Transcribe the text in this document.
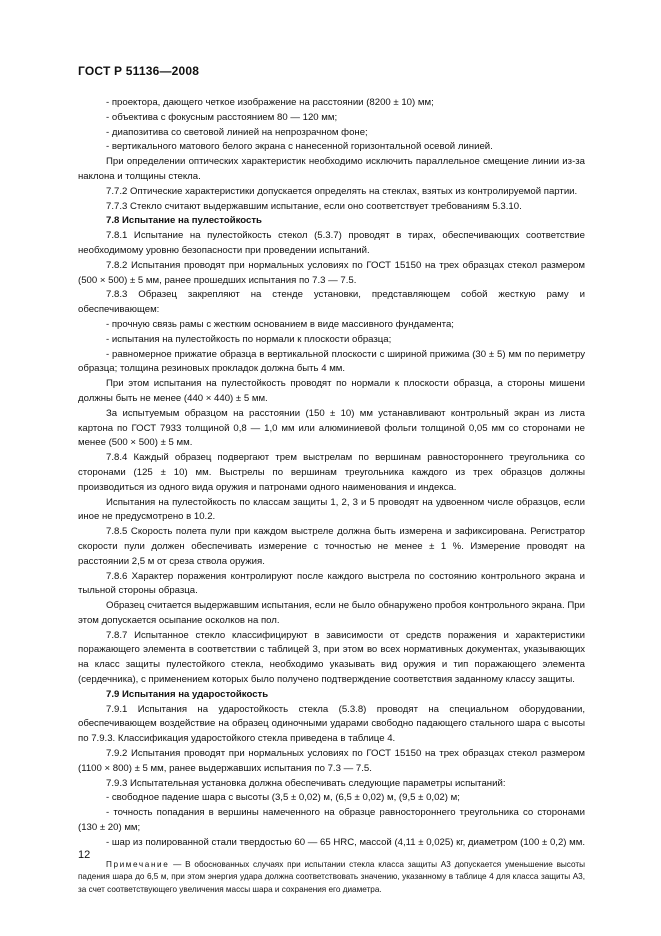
ГОСТ Р 51136—2008

- проектора, дающего четкое изображение на расстоянии (8200 ± 10) мм;

- объектива с фокусным расстоянием 80 — 120 мм;

- диапозитива со световой линией на непрозрачном фоне;

- вертикального матового белого экрана с нанесенной горизонтальной осевой линией.

При определении оптических характеристик необходимо исключить параллельное смещение линии из-за наклона и толщины стекла.

7.7.2 Оптические характеристики допускается определять на стеклах, взятых из контролируемой партии.

7.7.3 Стекло считают выдержавшим испытание, если оно соответствует требованиям 5.3.10.

7.8 Испытание на пулестойкость

7.8.1 Испытание на пулестойкость стекол (5.3.7) проводят в тирах, обеспечивающих соответствие необходимому уровню безопасности при проведении испытаний.

7.8.2 Испытания проводят при нормальных условиях по ГОСТ 15150 на трех образцах стекол размером (500 × 500) ± 5 мм, ранее прошедших испытания по 7.3 — 7.5.

7.8.3 Образец закрепляют на стенде установки, представляющем собой жесткую раму и обеспечивающем:

- прочную связь рамы с жестким основанием в виде массивного фундамента;

- испытания на пулестойкость по нормали к плоскости образца;

- равномерное прижатие образца в вертикальной плоскости с шириной прижима (30 ± 5) мм по периметру образца; толщина резиновых прокладок должна быть 4 мм.

При этом испытания на пулестойкость проводят по нормали к плоскости образца, а стороны мишени должны быть не менее (440 × 440) ± 5 мм.

За испытуемым образцом на расстоянии (150 ± 10) мм устанавливают контрольный экран из листа картона по ГОСТ 7933 толщиной 0,8 — 1,0 мм или алюминиевой фольги толщиной 0,05 мм со сторонами не менее (500 × 500) ± 5 мм.

7.8.4 Каждый образец подвергают трем выстрелам по вершинам равностороннего треугольника со сторонами (125 ± 10) мм. Выстрелы по вершинам треугольника каждого из трех образцов должны производиться из одного вида оружия и патронами одного наименования и индекса.

Испытания на пулестойкость по классам защиты 1, 2, 3 и 5 проводят на удвоенном числе образцов, если иное не предусмотрено в 10.2.

7.8.5 Скорость полета пули при каждом выстреле должна быть измерена и зафиксирована. Регистратор скорости пули должен обеспечивать измерение с точностью не менее ± 1 %. Измерение проводят на расстоянии 2,5 м от среза ствола оружия.

7.8.6 Характер поражения контролируют после каждого выстрела по состоянию контрольного экрана и тыльной стороны образца.

Образец считается выдержавшим испытания, если не было обнаружено пробоя контрольного экрана. При этом допускается осыпание осколков на пол.

7.8.7 Испытанное стекло классифицируют в зависимости от средств поражения и характеристики поражающего элемента в соответствии с таблицей 3, при этом во всех нормативных документах, указывающих на класс защиты пулестойкого стекла, необходимо указывать вид оружия и тип поражающего элемента (сердечника), с применением которых было получено подтверждение соответствия заданному классу защиты.

7.9 Испытания на ударостойкость

7.9.1 Испытания на ударостойкость стекла (5.3.8) проводят на специальном оборудовании, обеспечивающем воздействие на образец одиночными ударами свободно падающего стального шара с высоты по 7.9.3. Классификация ударостойкого стекла приведена в таблице 4.

7.9.2 Испытания проводят при нормальных условиях по ГОСТ 15150 на трех образцах стекол размером (1100 × 800) ± 5 мм, ранее выдержавших испытания по 7.3 — 7.5.

7.9.3 Испытательная установка должна обеспечивать следующие параметры испытаний:

- свободное падение шара с высоты (3,5 ± 0,02) м, (6,5 ± 0,02) м, (9,5 ± 0,02) м;

- точность попадания в вершины намеченного на образце равностороннего треугольника со сторонами (130 ± 20) мм;

- шар из полированной стали твердостью 60 — 65 HRC, массой (4,11 ± 0,025) кг, диаметром (100 ± 0,2) мм.

Примечание — В обоснованных случаях при испытании стекла класса защиты А3 допускается уменьшение высоты падения шара до 6,5 м, при этом энергия удара должна соответствовать значению, указанному в таблице 4 для класса защиты А3, за счет соответствующего увеличения массы шара и сохранения его диаметра.

12
